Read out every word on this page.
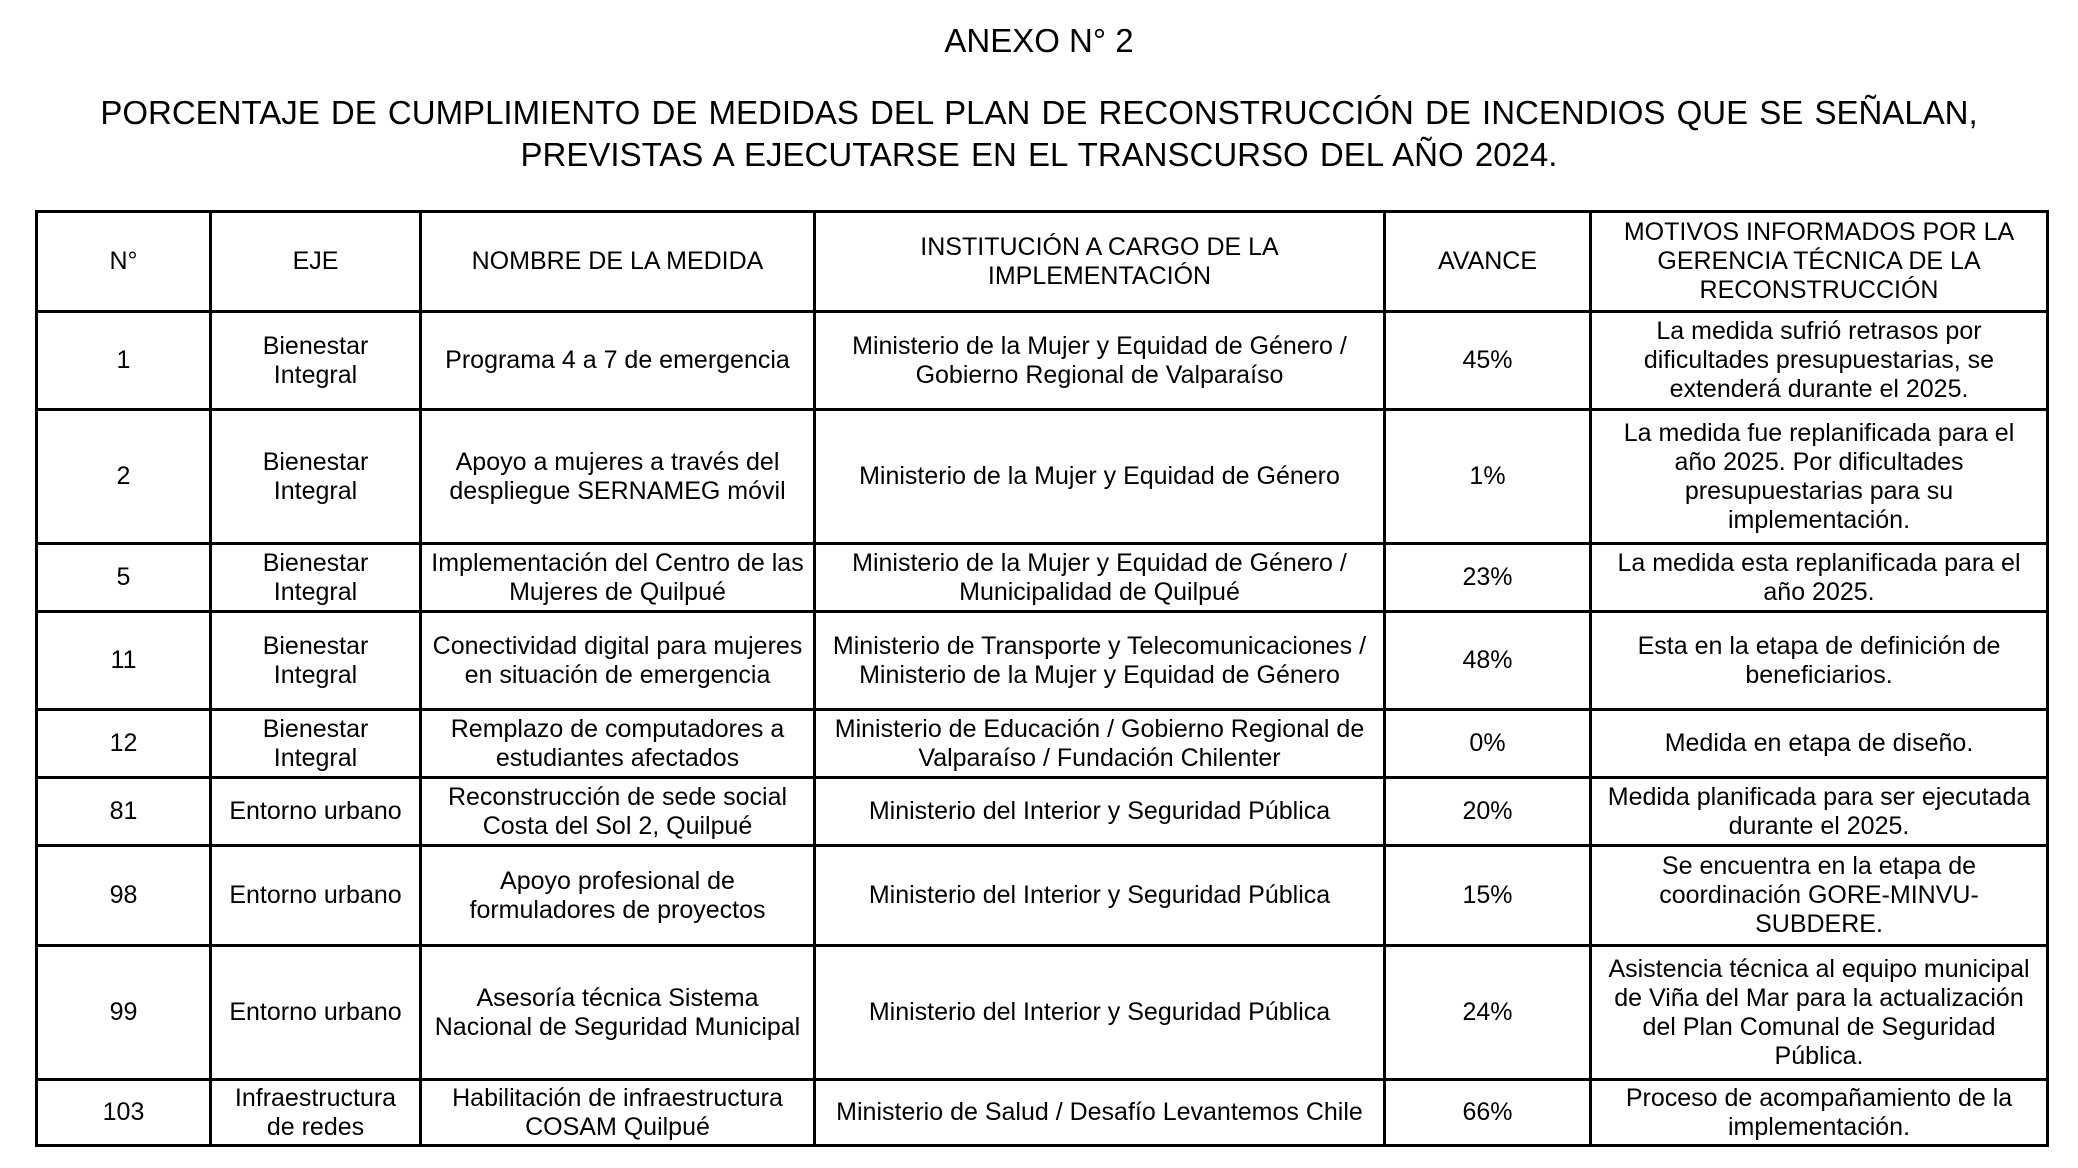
ANEXO N° 2
PORCENTAJE DE CUMPLIMIENTO DE MEDIDAS DEL PLAN DE RECONSTRUCCIÓN DE INCENDIOS QUE SE SEÑALAN,
PREVISTAS A EJECUTARSE EN EL TRANSCURSO DEL AÑO 2024.
N°	EJE	NOMBRE DE LA MEDIDA	INSTITUCIÓN A CARGO DE LA IMPLEMENTACIÓN	AVANCE	MOTIVOS INFORMADOS POR LA GERENCIA TÉCNICA DE LA RECONSTRUCCIÓN
1	Bienestar Integral	Programa 4 a 7 de emergencia	Ministerio de la Mujer y Equidad de Género / Gobierno Regional de Valparaíso	45%	La medida sufrió retrasos por dificultades presupuestarias, se extenderá durante el 2025.
2	Bienestar Integral	Apoyo a mujeres a través del despliegue SERNAMEG móvil	Ministerio de la Mujer y Equidad de Género	1%	La medida fue replanificada para el año 2025. Por dificultades presupuestarias para su implementación.
5	Bienestar Integral	Implementación del Centro de las Mujeres de Quilpué	Ministerio de la Mujer y Equidad de Género / Municipalidad de Quilpué	23%	La medida esta replanificada para el año 2025.
11	Bienestar Integral	Conectividad digital para mujeres en situación de emergencia	Ministerio de Transporte y Telecomunicaciones / Ministerio de la Mujer y Equidad de Género	48%	Esta en la etapa de definición de beneficiarios.
12	Bienestar Integral	Remplazo de computadores a estudiantes afectados	Ministerio de Educación / Gobierno Regional de Valparaíso / Fundación Chilenter	0%	Medida en etapa de diseño.
81	Entorno urbano	Reconstrucción de sede social Costa del Sol 2, Quilpué	Ministerio del Interior y Seguridad Pública	20%	Medida planificada para ser ejecutada durante el 2025.
98	Entorno urbano	Apoyo profesional de formuladores de proyectos	Ministerio del Interior y Seguridad Pública	15%	Se encuentra en la etapa de coordinación GORE-MINVU-SUBDERE.
99	Entorno urbano	Asesoría técnica Sistema Nacional de Seguridad Municipal	Ministerio del Interior y Seguridad Pública	24%	Asistencia técnica al equipo municipal de Viña del Mar para la actualización del Plan Comunal de Seguridad Pública.
103	Infraestructura de redes	Habilitación de infraestructura COSAM Quilpué	Ministerio de Salud / Desafío Levantemos Chile	66%	Proceso de acompañamiento de la implementación.
